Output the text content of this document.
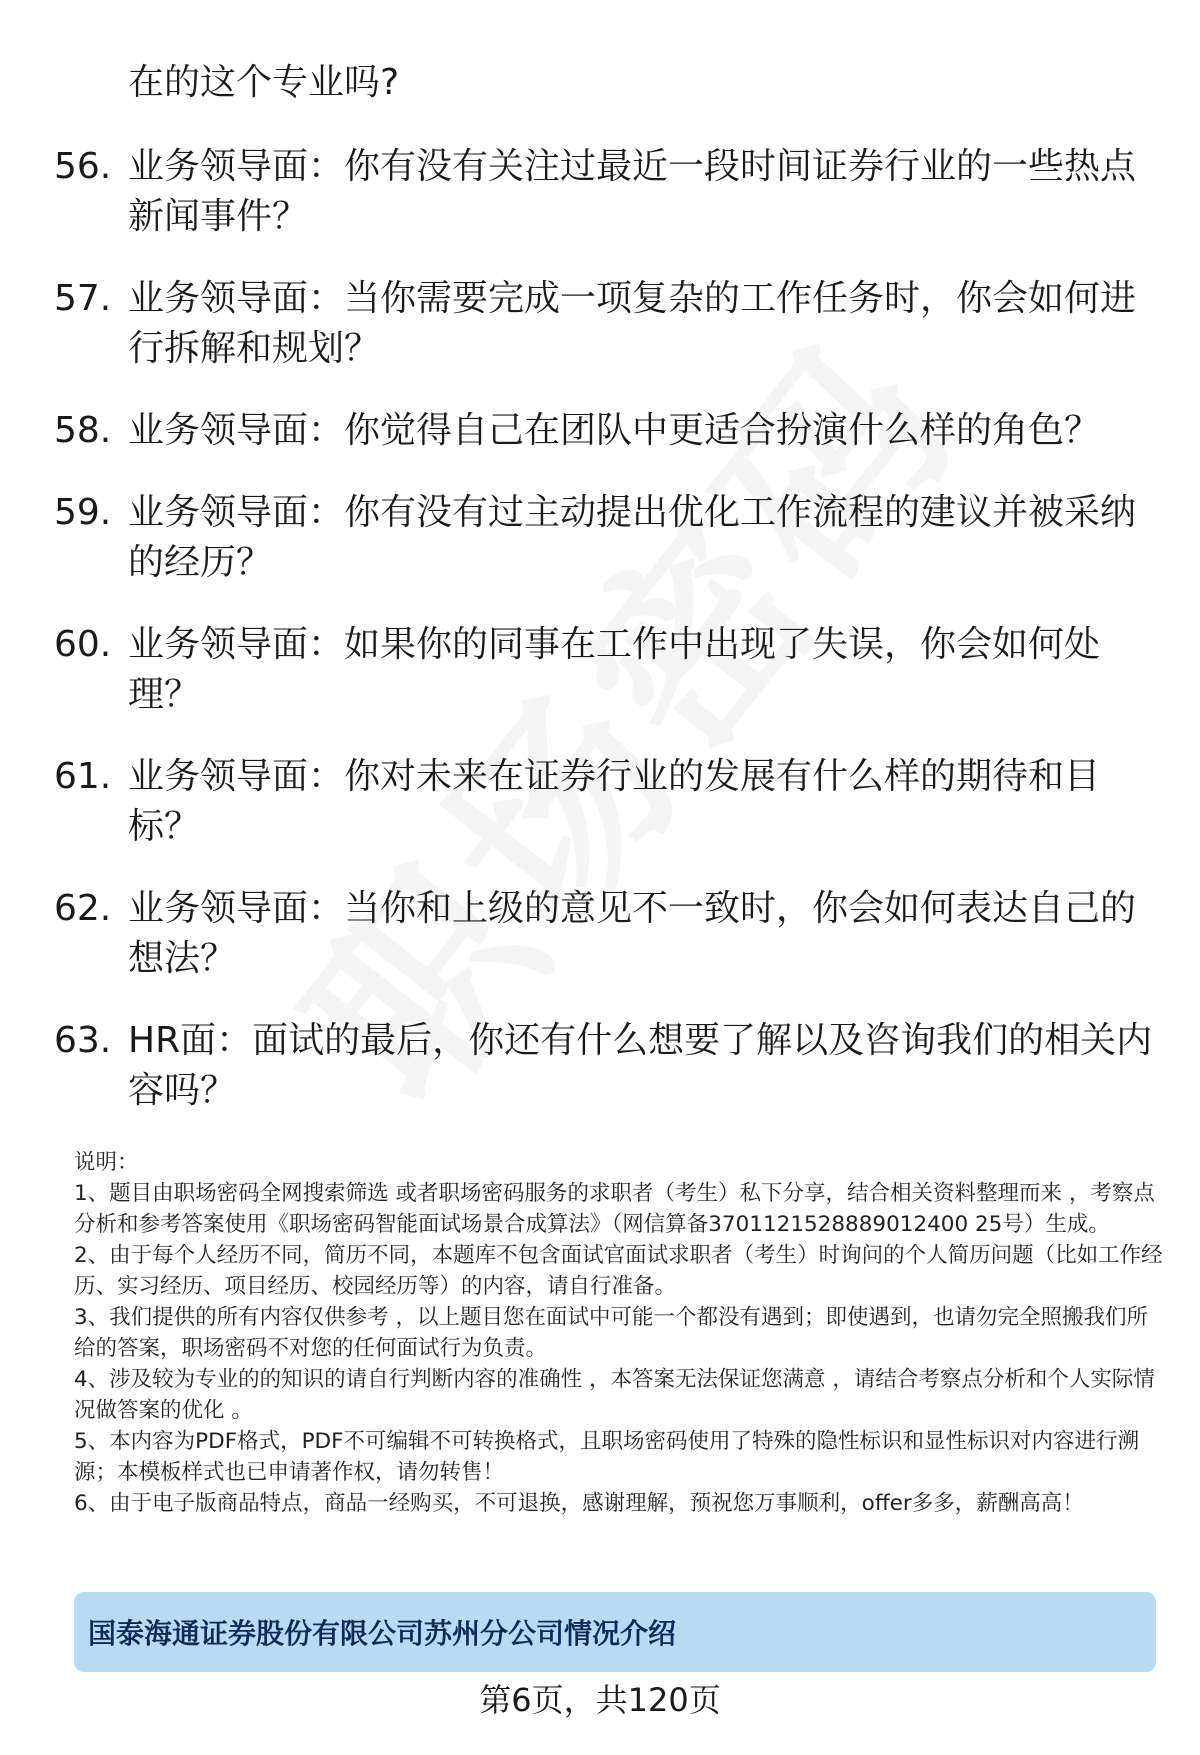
在的这个专业吗?
56. 业务领导面：你有没有关注过最近一段时间证券行业的一些热点新闻事件？
57. 业务领导面：当你需要完成一项复杂的工作任务时，你会如何进行拆解和规划？
58. 业务领导面：你觉得自己在团队中更适合扮演什么样的角色？
59. 业务领导面：你有没有过主动提出优化工作流程的建议并被采纳的经历？
60. 业务领导面：如果你的同事在工作中出现了失误，你会如何处理？
61. 业务领导面：你对未来在证券行业的发展有什么样的期待和目标？
62. 业务领导面：当你和上级的意见不一致时，你会如何表达自己的想法？
63. HR面：面试的最后，你还有什么想要了解以及咨询我们的相关内容吗？

说明：

1、题目由职场密码全网搜索筛选 或者职场密码服务的求职者（考生）私下分享，结合相关资料整理而来 ，考察点分析和参考答案使用《职场密码智能面试场景合成算法》（网信算备3701121528889012400 25号）生成。

2、由于每个人经历不同，简历不同，本题库不包含面试官面试求职者（考生）时询问的个人简历问题（比如工作经历、实习经历、项目经历、校园经历等）的内容，请自行准备。

3、我们提供的所有内容仅供参考 ，以上题目您在面试中可能一个都没有遇到；即使遇到，也请勿完全照搬我们所给的答案，职场密码不对您的任何面试行为负责。

4、涉及较为专业的的知识的请自行判断内容的准确性 ，本答案无法保证您满意 ，请结合考察点分析和个人实际情况做答案的优化 。

5、本内容为PDF格式，PDF不可编辑不可转换格式，且职场密码使用了特殊的隐性标识和显性标识对内容进行溯源；本模板样式也已申请著作权，请勿转售！

6、由于电子版商品特点，商品一经购买，不可退换，感谢理解，预祝您万事顺利，offer多多，薪酬高高！

国泰海通证券股份有限公司苏州分公司情况介绍
第6页，共120页
